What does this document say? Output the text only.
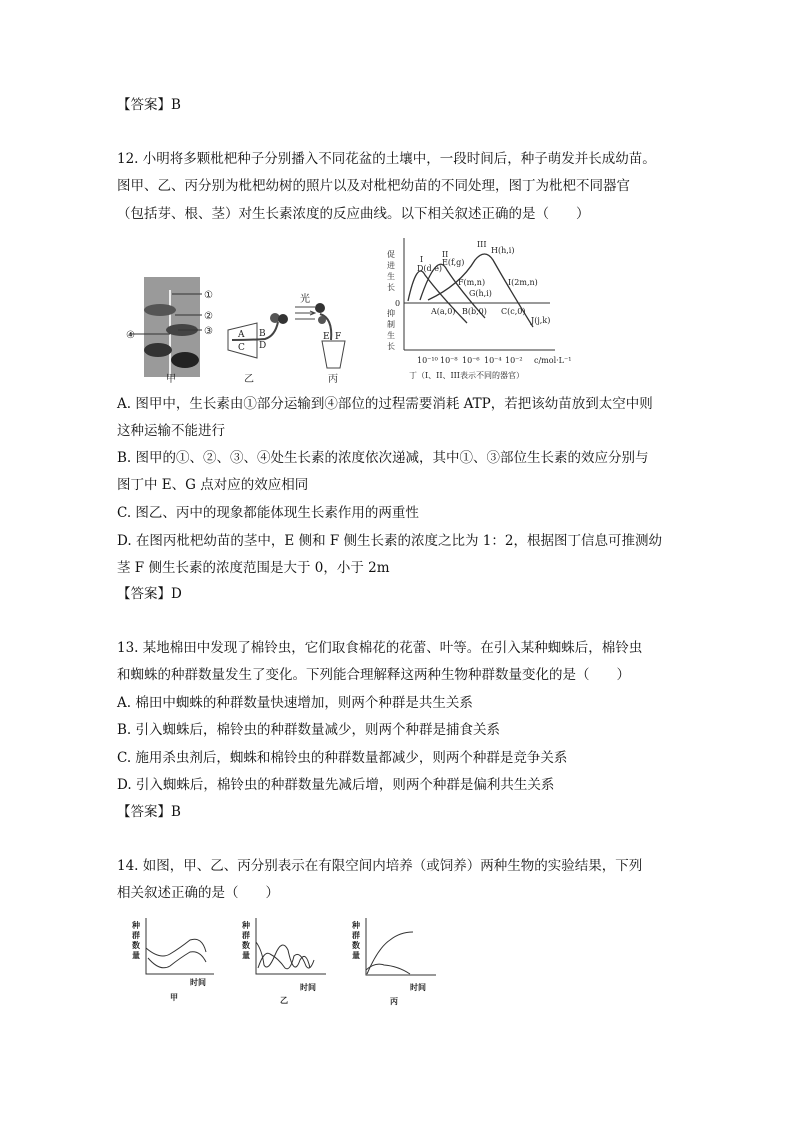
【答案】B
12. 小明将多颗枇杷种子分别播入不同花盆的土壤中，一段时间后，种子萌发并长成幼苗。
图甲、乙、丙分别为枇杷幼树的照片以及对枇杷幼苗的不同处理，图丁为枇杷不同器官
（包括芽、根、茎）对生长素浓度的反应曲线。以下相关叙述正确的是（　　）
①
②
③
④
甲
A
C
B
D
乙
光
E F
丙
促
进
生
长
抑
制
生
长
0
I
II
III
D(d,e)
E(f,g)
F(m,n)
G(h,i)
H(h,i)
I(2m,n)
A(a,0) B(b,0) C(c,0)
J(j,k)
10⁻¹⁰ 10⁻⁸ 10⁻⁶ 10⁻⁴ 10⁻² c/mol·L⁻¹
丁（I、II、III表示不同的器官）
A. 图甲中，生长素由①部分运输到④部位的过程需要消耗 ATP，若把该幼苗放到太空中则
这种运输不能进行
B. 图甲的①、②、③、④处生长素的浓度依次递减，其中①、③部位生长素的效应分别与
图丁中 E、G 点对应的效应相同
C. 图乙、丙中的现象都能体现生长素作用的两重性
D. 在图丙枇杷幼苗的茎中，E 侧和 F 侧生长素的浓度之比为 1：2，根据图丁信息可推测幼
茎 F 侧生长素的浓度范围是大于 0，小于 2m
【答案】D
13. 某地棉田中发现了棉铃虫，它们取食棉花的花蕾、叶等。在引入某种蜘蛛后，棉铃虫
和蜘蛛的种群数量发生了变化。下列能合理解释这两种生物种群数量变化的是（　　）
A. 棉田中蜘蛛的种群数量快速增加，则两个种群是共生关系
B. 引入蜘蛛后，棉铃虫的种群数量减少，则两个种群是捕食关系
C. 施用杀虫剂后，蜘蛛和棉铃虫的种群数量都减少，则两个种群是竞争关系
D. 引入蜘蛛后，棉铃虫的种群数量先减后增，则两个种群是偏利共生关系
【答案】B
14. 如图，甲、乙、丙分别表示在有限空间内培养（或饲养）两种生物的实验结果，下列
相关叙述正确的是（　　）
种
群
数
量
时间
甲
种
群
数
量
时间
乙
种
群
数
量
时间
丙
